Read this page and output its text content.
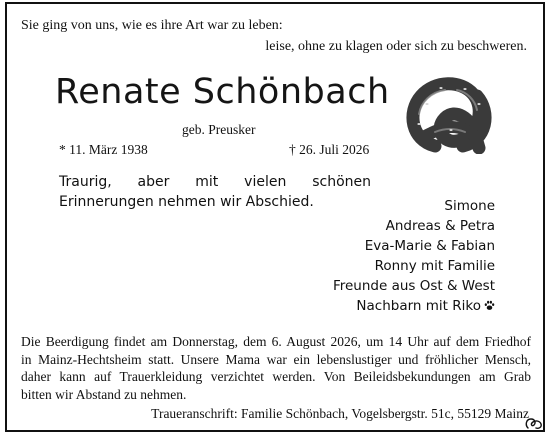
Sie ging von uns, wie es ihre Art war zu leben:
leise, ohne zu klagen oder sich zu beschweren.
Renate Schönbach
geb. Preusker
* 11. März 1938	† 26. Juli 2026
Traurig, aber mit vielen schönen Erinnerungen nehmen wir Abschied.	Simone
Andreas & Petra
Eva-Marie & Fabian
Ronny mit Familie
Freunde aus Ost & West
Nachbarn mit Riko
Die Beerdigung findet am Donnerstag, dem 6. August 2026, um 14 Uhr auf dem Friedhof
in Mainz-Hechtsheim statt. Unsere Mama war ein lebenslustiger und fröhlicher Mensch,
daher kann auf Trauerkleidung verzichtet werden. Von Beileidsbekundungen am Grab
bitten wir Abstand zu nehmen.
Traueranschrift: Familie Schönbach, Vogelsbergstr. 51c, 55129 Mainz
